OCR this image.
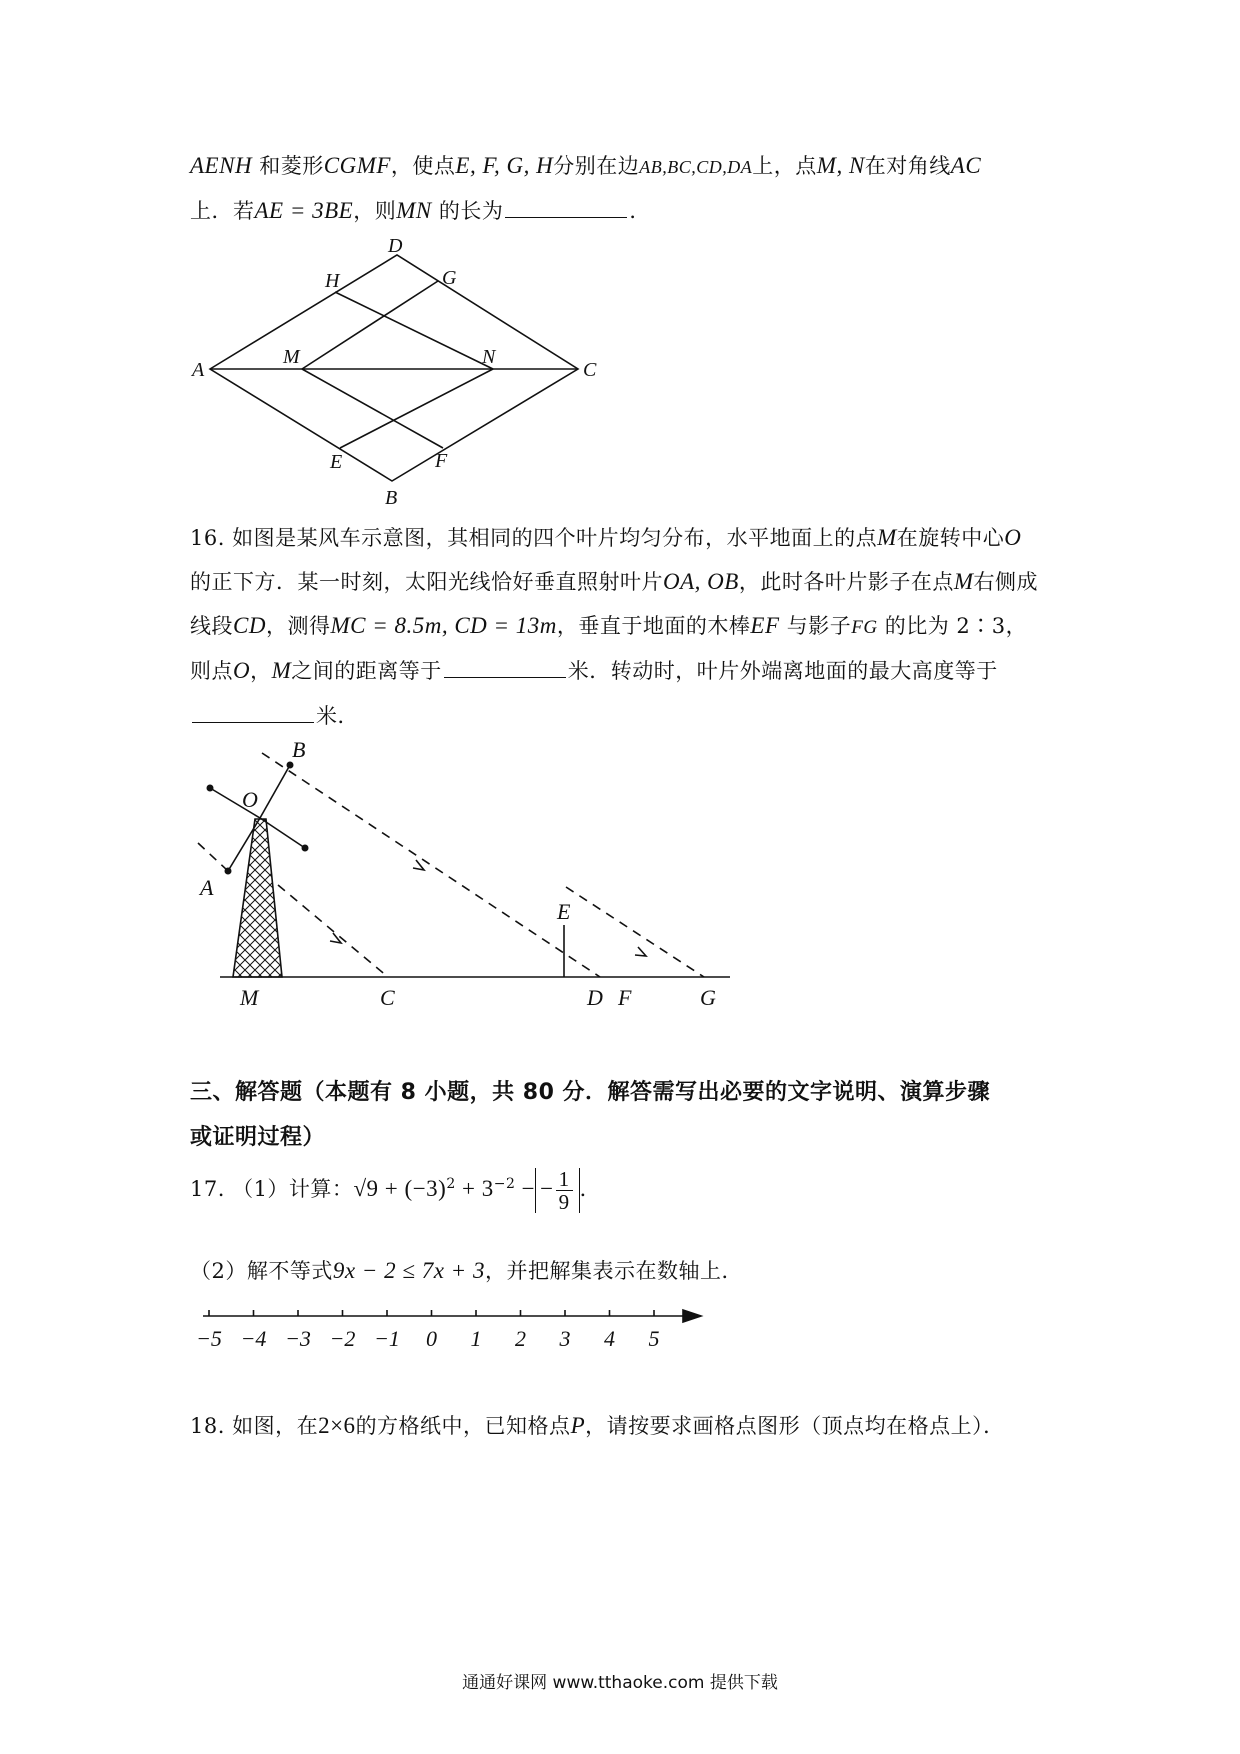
AENH 和菱形CGMF，使点E, F, G, H分别在边AB,BC,CD,DA上，点M, N在对角线AC
上．若AE = 3BE，则MN 的长为	．
D
H	G
A
M	N
C
E	F
B
16. 如图是某风车示意图，其相同的四个叶片均匀分布，水平地面上的点M在旋转中心O
的正下方．某一时刻，太阳光线恰好垂直照射叶片OA, OB，此时各叶片影子在点M右侧成
线段CD，测得MC = 8.5m, CD = 13m，垂直于地面的木棒EF 与影子FG 的比为 2∶3，
则点O，M之间的距离等于	米．转动时，叶片外端离地面的最大高度等于
米．
B
O
A
E
M	C	D F	G
三、解答题（本题有 8 小题，共 80 分．解答需写出必要的文字说明、演算步骤
或证明过程）
17. （1）计算：$√9 + (-3)^2 + 3^{-2}$ − − $\frac{1}{9}$ ．
（2）解不等式9x − 2 ≤ 7x + 3，并把解集表示在数轴上．
−5 −4 −3 −2 −1 0 1 2 3 4 5
18. 如图，在2×6的方格纸中，已知格点P，请按要求画格点图形（顶点均在格点上）．
通通好课网 www.tthaoke.com 提供下载
